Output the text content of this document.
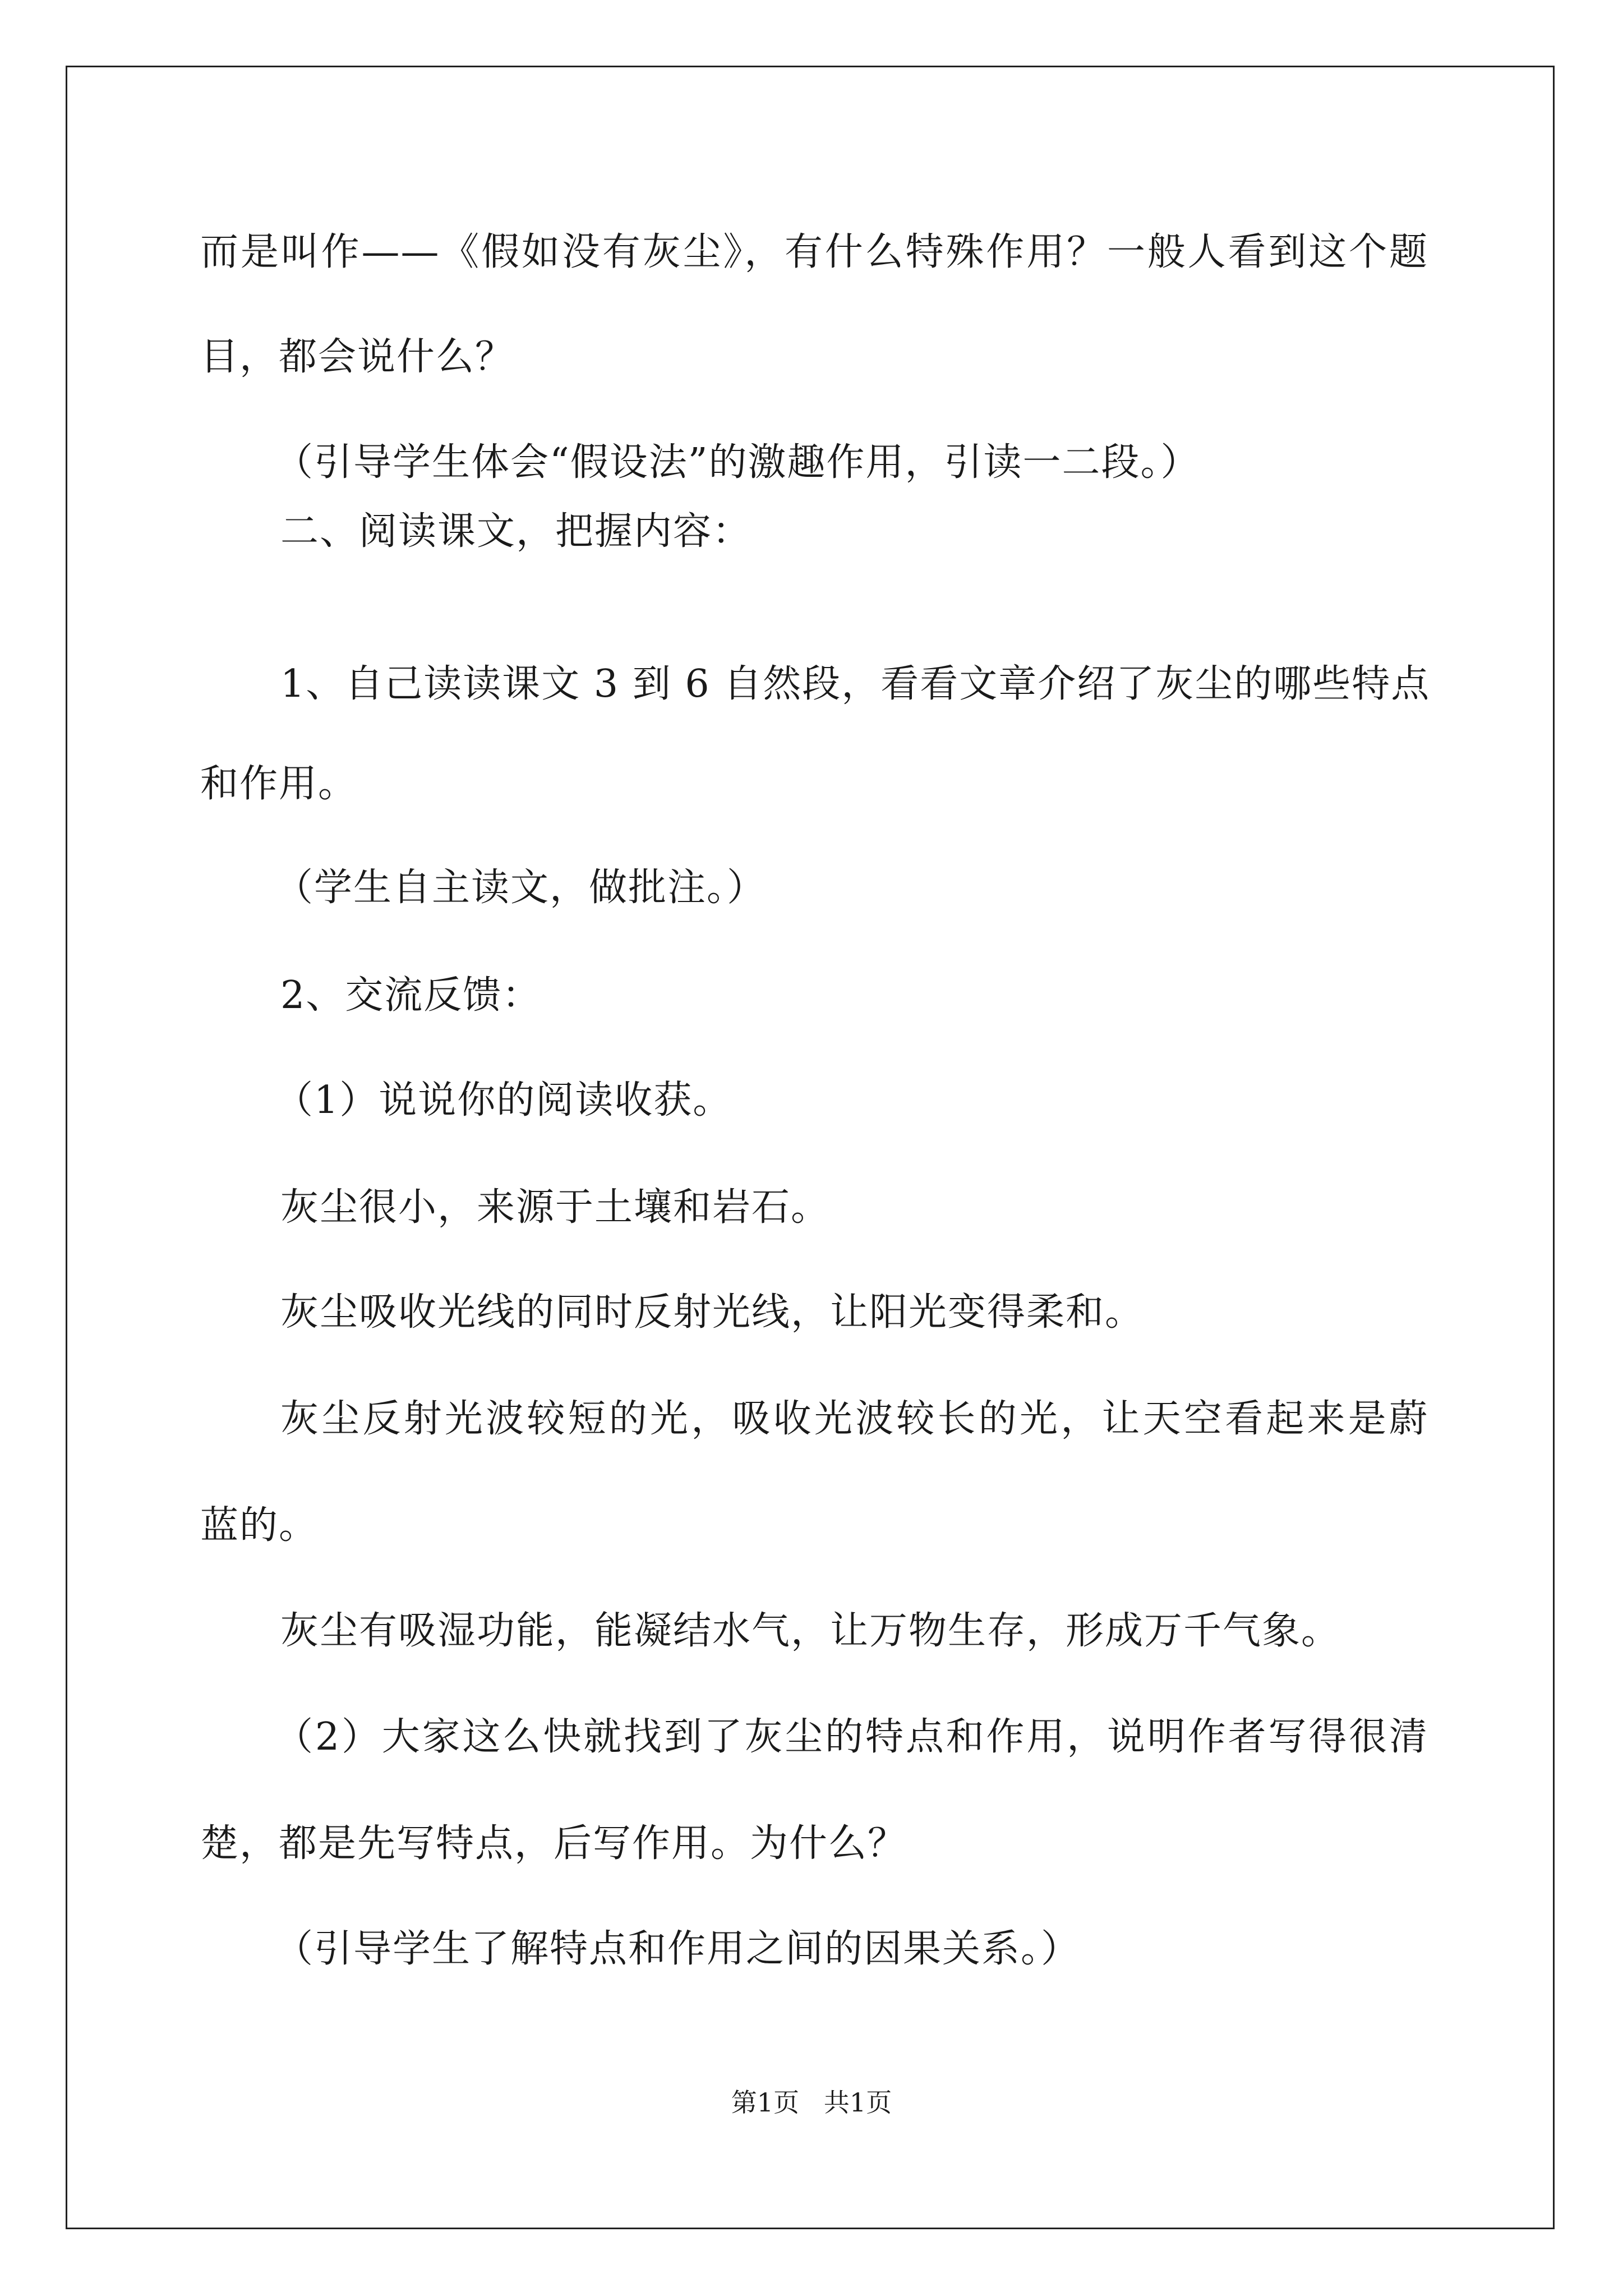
而是叫作——《假如没有灰尘》，有什么特殊作用？一般人看到这个题
目，都会说什么？
（引导学生体会“假设法”的激趣作用，引读一二段。）
二、阅读课文，把握内容：
1、自己读读课文 3 到 6 自然段，看看文章介绍了灰尘的哪些特点
和作用。
（学生自主读文，做批注。）
2、交流反馈：
（1）说说你的阅读收获。
灰尘很小，来源于土壤和岩石。
灰尘吸收光线的同时反射光线，让阳光变得柔和。
灰尘反射光波较短的光，吸收光波较长的光，让天空看起来是蔚
蓝的。
灰尘有吸湿功能，能凝结水气，让万物生存，形成万千气象。
（2）大家这么快就找到了灰尘的特点和作用，说明作者写得很清
楚，都是先写特点，后写作用。为什么？
（引导学生了解特点和作用之间的因果关系。）
第1页   共1页
